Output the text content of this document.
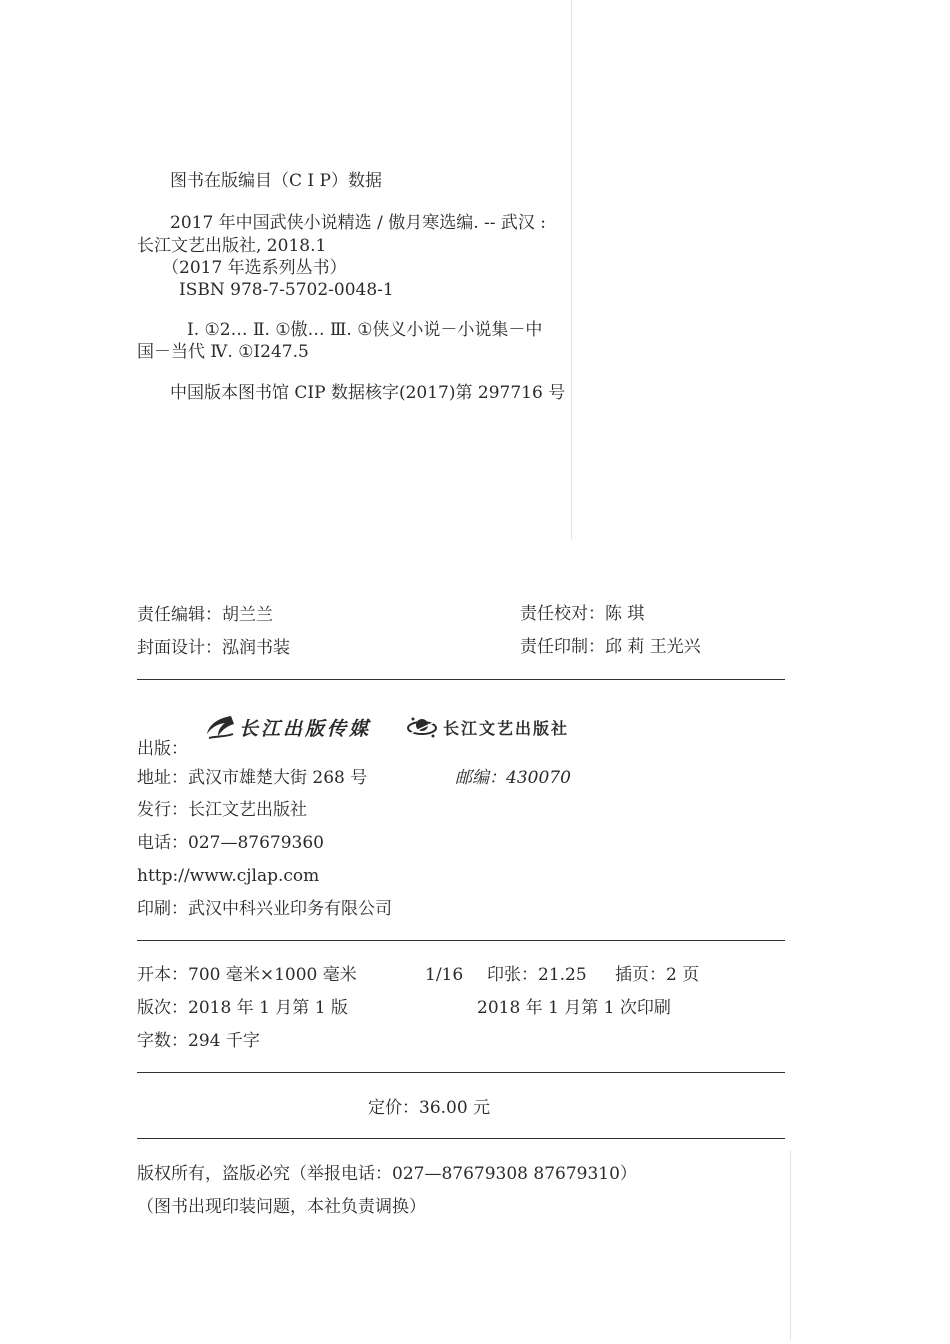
图书在版编目（C I P）数据
2017 年中国武侠小说精选 / 傲月寒选编. -- 武汉 :
长江文艺出版社, 2018.1
（2017 年选系列丛书）
ISBN 978-7-5702-0048-1
Ⅰ. ①2… Ⅱ. ①傲… Ⅲ. ①侠义小说－小说集－中
国－当代 Ⅳ. ①I247.5
中国版本图书馆 CIP 数据核字(2017)第 297716 号
责任编辑：胡兰兰	责任校对：陈 琪
封面设计：泓润书装	责任印制：邱 莉 王光兴
长江出版传媒	长江文艺出版社
出版：
地址：武汉市雄楚大街 268 号	邮编：430070
发行：长江文艺出版社
电话：027—87679360
http://www.cjlap.com
印刷：武汉中科兴业印务有限公司
开本：700 毫米×1000 毫米	1/16 印张：21.25 插页：2 页
版次：2018 年 1 月第 1 版	2018 年 1 月第 1 次印刷
字数：294 千字
定价：36.00 元
版权所有，盗版必究（举报电话：027—87679308 87679310）
（图书出现印装问题，本社负责调换）
